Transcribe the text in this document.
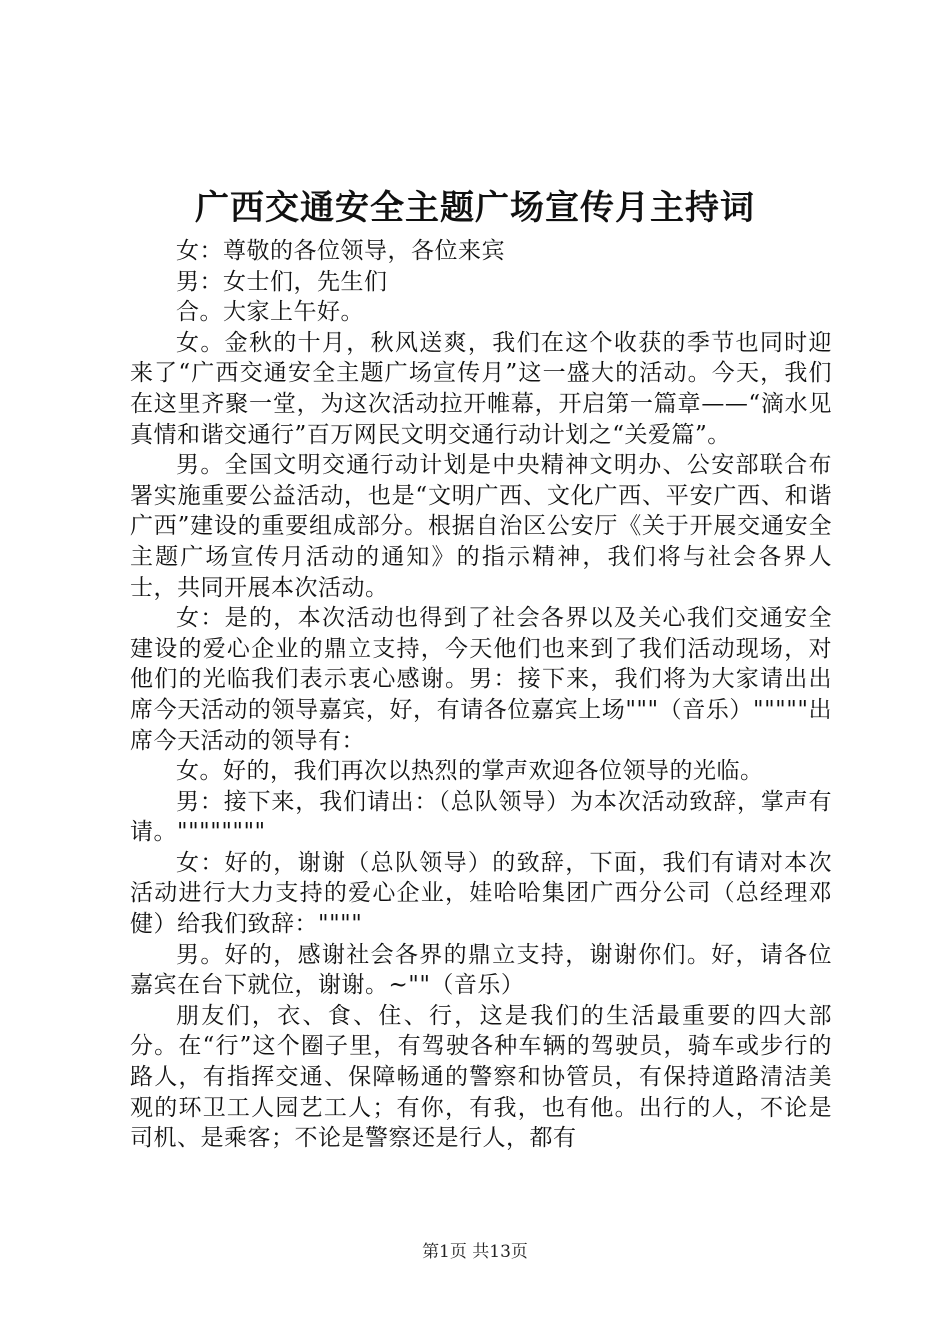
广西交通安全主题广场宣传月主持词

女：尊敬的各位领导，各位来宾

男：女士们，先生们

合。大家上午好。

女。金秋的十月，秋风送爽，我们在这个收获的季节也同时迎来了“广西交通安全主题广场宣传月”这一盛大的活动。今天，我们在这里齐聚一堂，为这次活动拉开帷幕，开启第一篇章——“滴水见真情和谐交通行”百万网民文明交通行动计划之“关爱篇”。

男。全国文明交通行动计划是中央精神文明办、公安部联合布署实施重要公益活动，也是“文明广西、文化广西、平安广西、和谐广西”建设的重要组成部分。根据自治区公安厅《关于开展交通安全主题广场宣传月活动的通知》的指示精神，我们将与社会各界人士，共同开展本次活动。

女：是的，本次活动也得到了社会各界以及关心我们交通安全建设的爱心企业的鼎立支持，今天他们也来到了我们活动现场，对他们的光临我们表示衷心感谢。男：接下来，我们将为大家请出出席今天活动的领导嘉宾，好，有请各位嘉宾上场"""（音乐）"""""出席今天活动的领导有：

女。好的，我们再次以热烈的掌声欢迎各位领导的光临。

男：接下来，我们请出：（总队领导）为本次活动致辞，掌声有请。""""""""

女：好的，谢谢（总队领导）的致辞，下面，我们有请对本次活动进行大力支持的爱心企业，娃哈哈集团广西分公司（总经理邓健）给我们致辞：""""

男。好的，感谢社会各界的鼎立支持，谢谢你们。好，请各位嘉宾在台下就位，谢谢。~""（音乐）

朋友们，衣、食、住、行，这是我们的生活最重要的四大部分。在“行”这个圈子里，有驾驶各种车辆的驾驶员，骑车或步行的路人，有指挥交通、保障畅通的警察和协管员，有保持道路清洁美观的环卫工人园艺工人；有你，有我，也有他。出行的人，不论是司机、是乘客；不论是警察还是行人，都有

第1页 共13页
